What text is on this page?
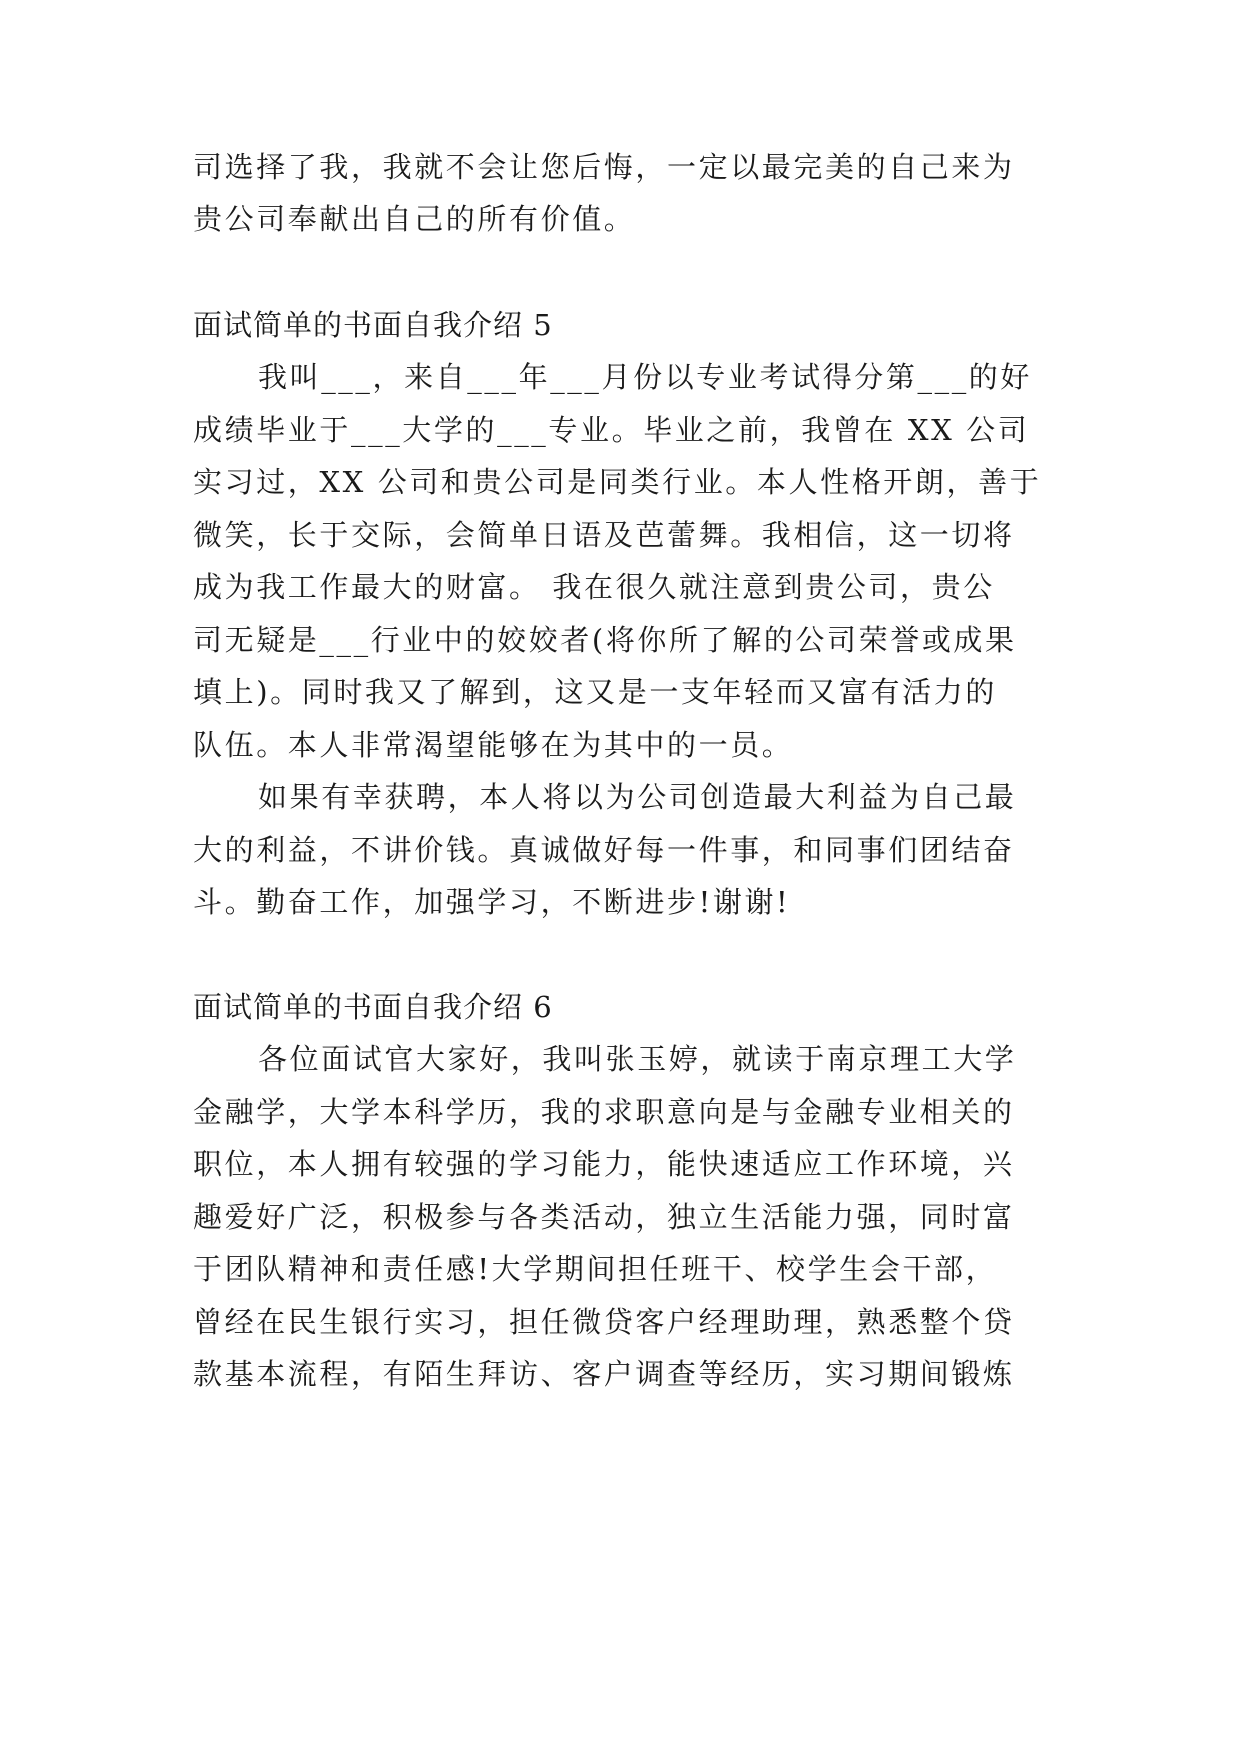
司选择了我，我就不会让您后悔，一定以最完美的自己来为
贵公司奉献出自己的所有价值。
面试简单的书面自我介绍 5
我叫___，来自___年___月份以专业考试得分第___的好
成绩毕业于___大学的___专业。毕业之前，我曾在 XX 公司
实习过，XX 公司和贵公司是同类行业。本人性格开朗，善于
微笑，长于交际，会简单日语及芭蕾舞。我相信，这一切将
成为我工作最大的财富。 我在很久就注意到贵公司，贵公
司无疑是___行业中的姣姣者(将你所了解的公司荣誉或成果
填上)。同时我又了解到，这又是一支年轻而又富有活力的
队伍。本人非常渴望能够在为其中的一员。
如果有幸获聘，本人将以为公司创造最大利益为自己最
大的利益，不讲价钱。真诚做好每一件事，和同事们团结奋
斗。勤奋工作，加强学习，不断进步!谢谢!
面试简单的书面自我介绍 6
各位面试官大家好，我叫张玉婷，就读于南京理工大学
金融学，大学本科学历，我的求职意向是与金融专业相关的
职位，本人拥有较强的学习能力，能快速适应工作环境，兴
趣爱好广泛，积极参与各类活动，独立生活能力强，同时富
于团队精神和责任感!大学期间担任班干、校学生会干部，
曾经在民生银行实习，担任微贷客户经理助理，熟悉整个贷
款基本流程，有陌生拜访、客户调查等经历，实习期间锻炼
